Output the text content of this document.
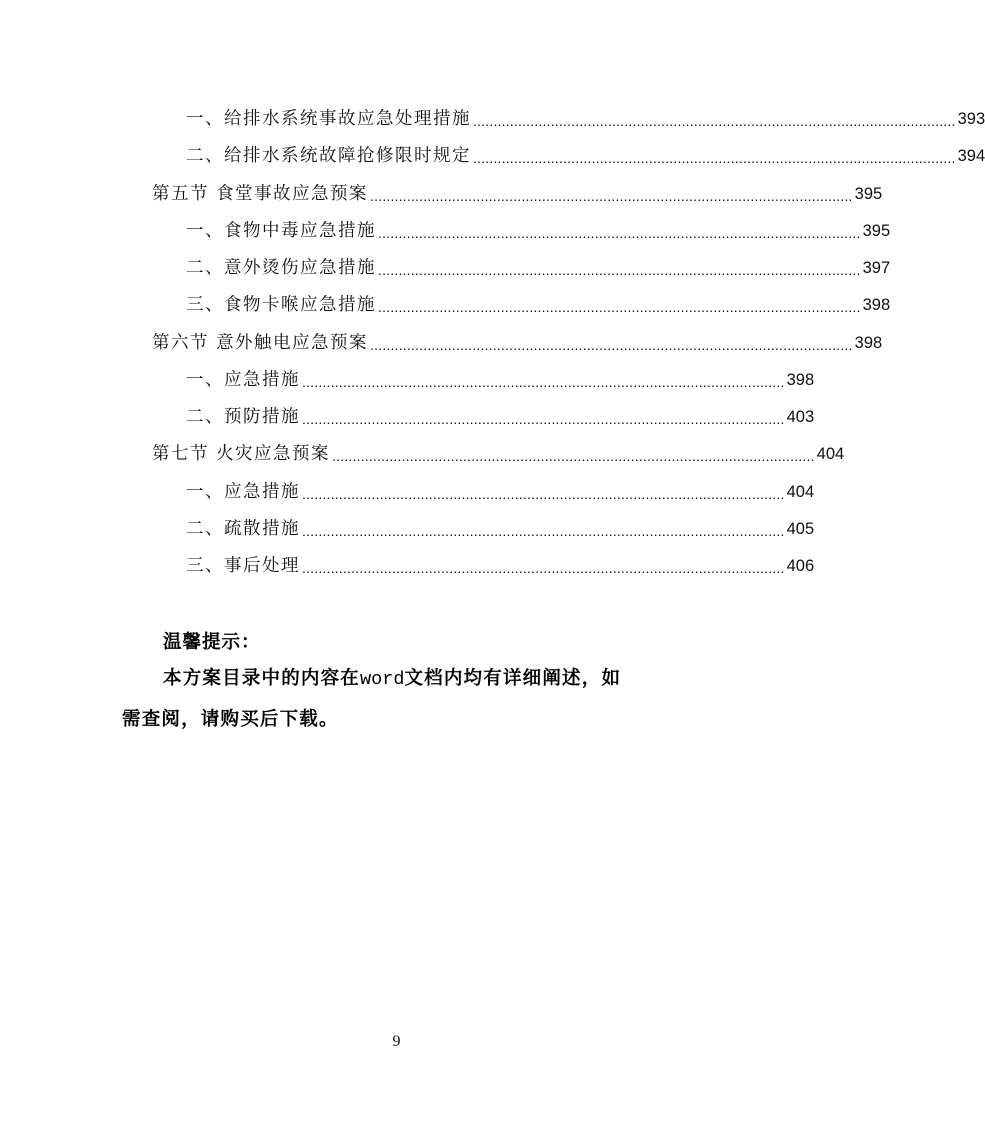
一、给排水系统事故应急处理措施 ...................................................................................................................... 393
二、给排水系统故障抢修限时规定 ...................................................................................................................... 394
第五节 食堂事故应急预案 ...................................................................................................................... 395
一、食物中毒应急措施 ...................................................................................................................... 395
二、意外烫伤应急措施 ...................................................................................................................... 397
三、食物卡喉应急措施 ...................................................................................................................... 398
第六节 意外触电应急预案 ...................................................................................................................... 398
一、应急措施 ...................................................................................................................... 398
二、预防措施 ...................................................................................................................... 403
第七节 火灾应急预案 ...................................................................................................................... 404
一、应急措施 ...................................................................................................................... 404
二、疏散措施 ...................................................................................................................... 405
三、事后处理 ...................................................................................................................... 406
温馨提示：
本方案目录中的内容在word文档内均有详细阐述，如
需查阅，请购买后下载。
9
